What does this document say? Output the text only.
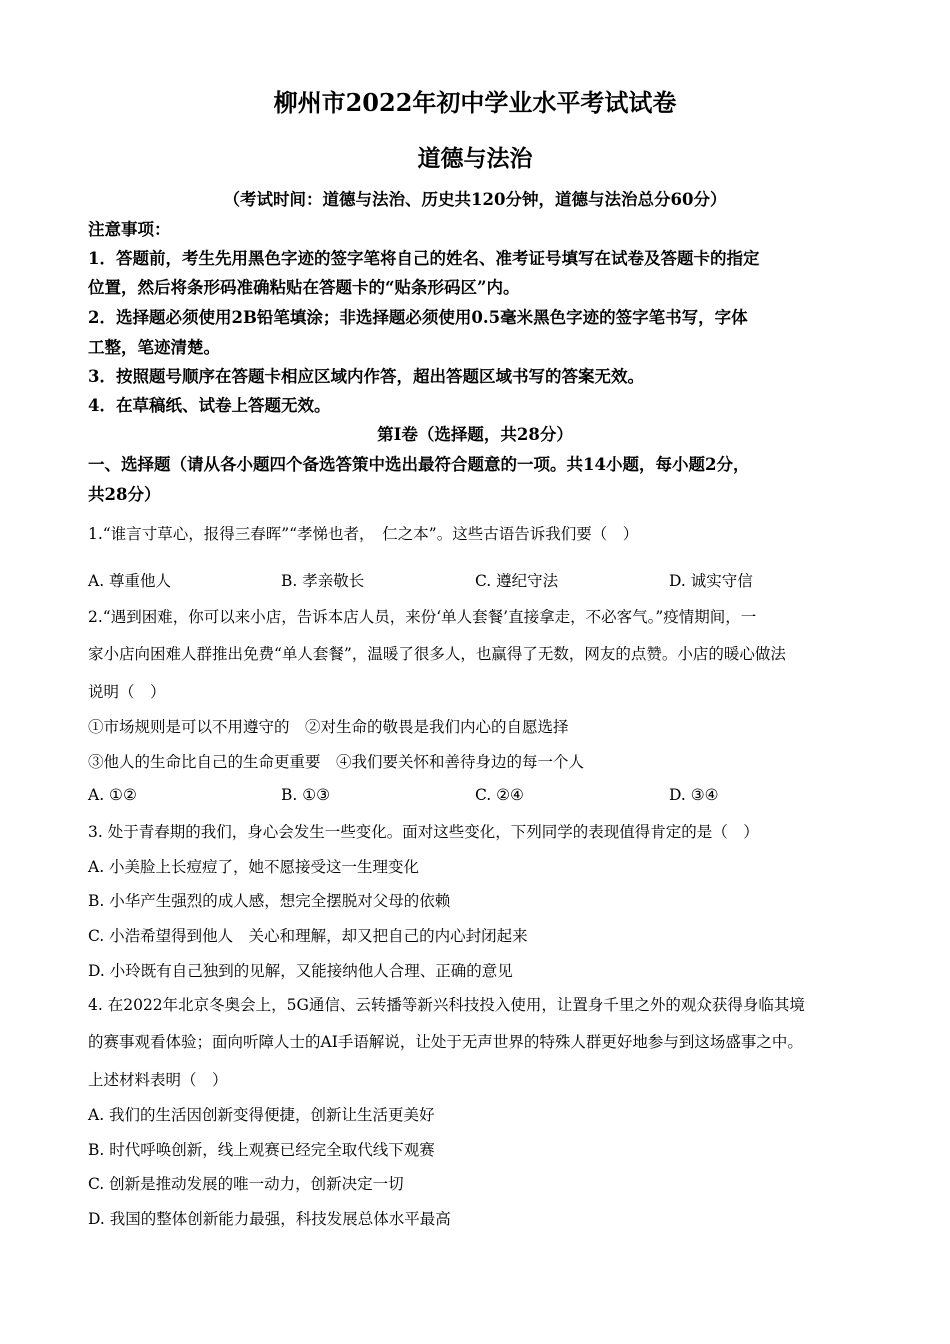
柳州市2022年初中学业水平考试试卷
道德与法治
（考试时间：道德与法治、历史共120分钟，道德与法治总分60分）
注意事项：
1．答题前，考生先用黑色字迹的签字笔将自己的姓名、准考证号填写在试卷及答题卡的指定
位置，然后将条形码准确粘贴在答题卡的“贴条形码区”内。
2．选择题必须使用2B铅笔填涂；非选择题必须使用0.5毫米黑色字迹的签字笔书写，字体
工整，笔迹清楚。
3．按照题号顺序在答题卡相应区域内作答，超出答题区域书写的答案无效。
4．在草稿纸、试卷上答题无效。
第Ⅰ卷（选择题，共28分）
一、选择题（请从各小题四个备选答策中选出最符合题意的一项。共14小题，每小题2分，
共28分）
1.“谁言寸草心，报得三春晖”“孝悌也者，　仁之本”。这些古语告诉我们要（　）
A. 尊重他人	B. 孝亲敬长	C. 遵纪守法	D. 诚实守信
2.“遇到困难，你可以来小店，告诉本店人员，来份‘单人套餐’直接拿走，不必客气。”疫情期间，一
家小店向困难人群推出免费“单人套餐”，温暖了很多人，也赢得了无数，网友的点赞。小店的暖心做法
说明（　）
①市场规则是可以不用遵守的　②对生命的敬畏是我们内心的自愿选择
③他人的生命比自己的生命更重要　④我们要关怀和善待身边的每一个人
A. ①②	B. ①③	C. ②④	D. ③④
3. 处于青春期的我们，身心会发生一些变化。面对这些变化，下列同学的表现值得肯定的是（　）
A. 小美脸上长痘痘了，她不愿接受这一生理变化
B. 小华产生强烈的成人感，想完全摆脱对父母的依赖
C. 小浩希望得到他人　关心和理解，却又把自己的内心封闭起来
D. 小玲既有自己独到的见解，又能接纳他人合理、正确的意见
4. 在2022年北京冬奥会上，5G通信、云转播等新兴科技投入使用，让置身千里之外的观众获得身临其境
的赛事观看体验；面向听障人士的AI手语解说，让处于无声世界的特殊人群更好地参与到这场盛事之中。
上述材料表明（　）
A. 我们的生活因创新变得便捷，创新让生活更美好
B. 时代呼唤创新，线上观赛已经完全取代线下观赛
C. 创新是推动发展的唯一动力，创新决定一切
D. 我国的整体创新能力最强，科技发展总体水平最高
